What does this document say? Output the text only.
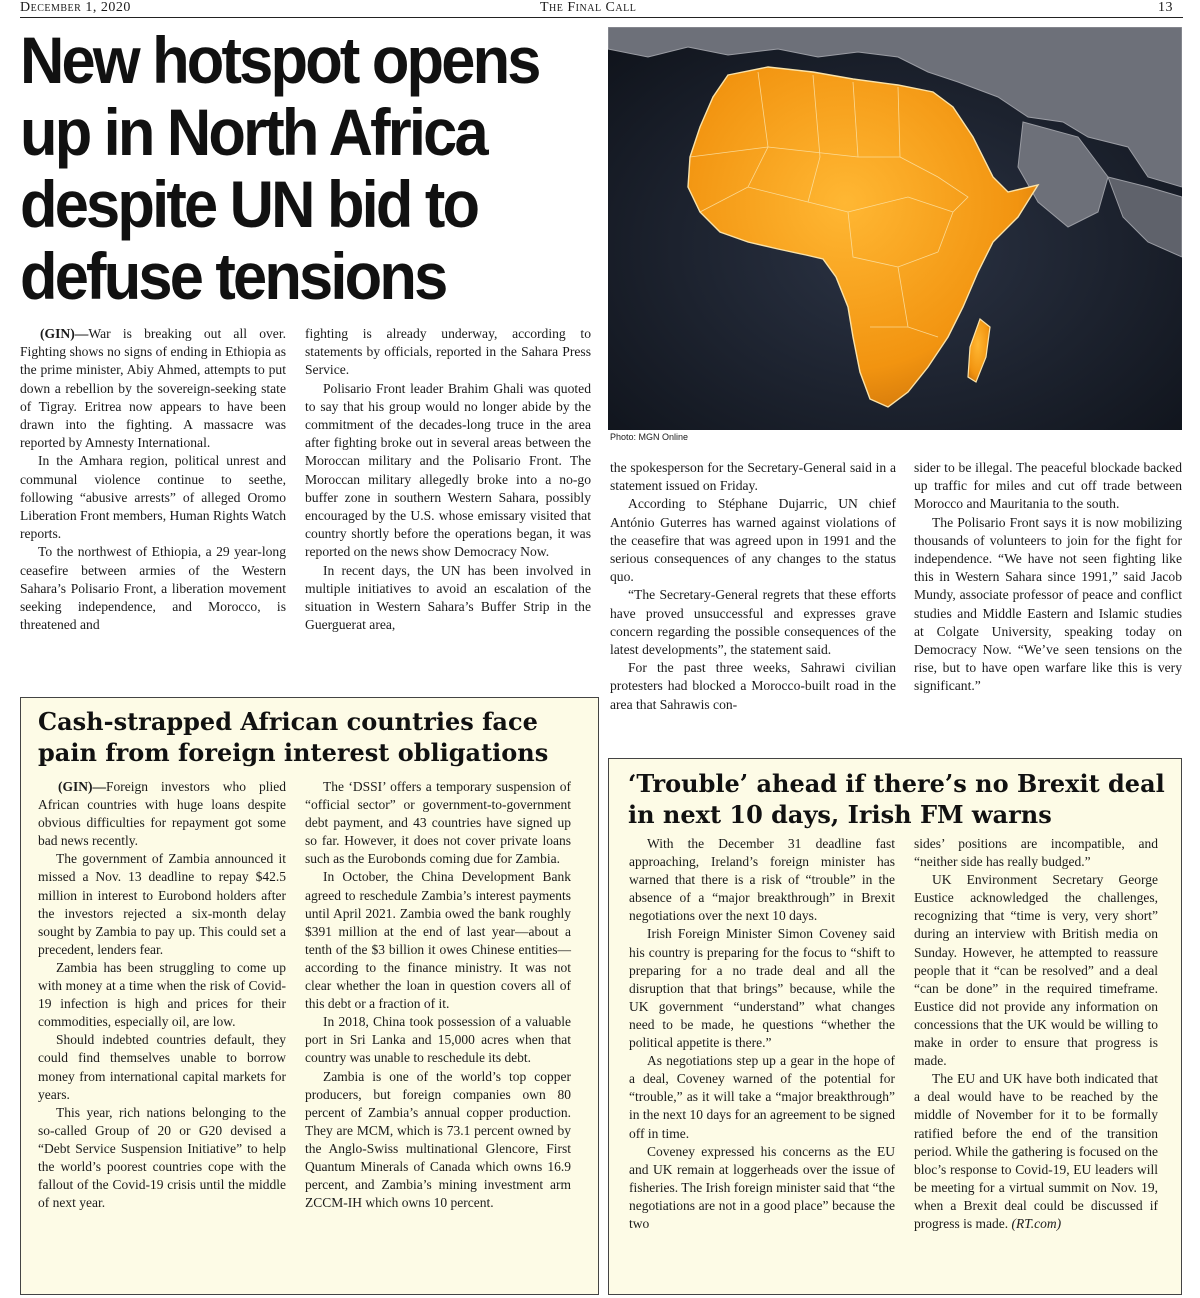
December 1, 2020	The Final Call	13
New hotspot opens up in North Africa despite UN bid to defuse tensions
Photo: MGN Online

(GIN)—War is breaking out all over. Fighting shows no signs of ending in Ethiopia as the prime minister, Abiy Ahmed, attempts to put down a rebellion by the sovereign-seeking state of Tigray. Eritrea now appears to have been drawn into the fighting. A massacre was reported by Amnesty International.

In the Amhara region, political unrest and communal violence continue to seethe, following “abusive arrests” of alleged Oromo Liberation Front members, Human Rights Watch reports.

To the northwest of Ethiopia, a 29 year-long ceasefire between armies of the Western Sahara’s Polisario Front, a liberation movement seeking independence, and Morocco, is threatened and

fighting is already underway, according to statements by officials, reported in the Sahara Press Service.

Polisario Front leader Brahim Ghali was quoted to say that his group would no longer abide by the commitment of the decades-long truce in the area after fighting broke out in several areas between the Moroccan military and the Polisario Front. The Moroccan military allegedly broke into a no-go buffer zone in southern Western Sahara, possibly encouraged by the U.S. whose emissary visited that country shortly before the operations began, it was reported on the news show Democracy Now.

In recent days, the UN has been involved in multiple initiatives to avoid an escalation of the situation in Western Sahara’s Buffer Strip in the Guerguerat area,

the spokesperson for the Secretary-General said in a statement issued on Friday.

According to Stéphane Dujarric, UN chief António Guterres has warned against violations of the ceasefire that was agreed upon in 1991 and the serious consequences of any changes to the status quo.

“The Secretary-General regrets that these efforts have proved unsuccessful and expresses grave concern regarding the possible consequences of the latest developments”, the statement said.

For the past three weeks, Sahrawi civilian protesters had blocked a Morocco-built road in the area that Sahrawis con-

sider to be illegal. The peaceful blockade backed up traffic for miles and cut off trade between Morocco and Mauritania to the south.

The Polisario Front says it is now mobilizing thousands of volunteers to join for the fight for independence. “We have not seen fighting like this in Western Sahara since 1991,” said Jacob Mundy, associate professor of peace and conflict studies and Middle Eastern and Islamic studies at Colgate University, speaking today on Democracy Now. “We’ve seen tensions on the rise, but to have open warfare like this is very significant.”

Cash-strapped African countries face pain from foreign interest obligations

(GIN)—Foreign investors who plied African countries with huge loans despite obvious difficulties for repayment got some bad news recently.

The government of Zambia announced it missed a Nov. 13 deadline to repay $42.5 million in interest to Eurobond holders after the investors rejected a six-month delay sought by Zambia to pay up. This could set a precedent, lenders fear.

Zambia has been struggling to come up with money at a time when the risk of Covid-19 infection is high and prices for their commodities, especially oil, are low.

Should indebted countries default, they could find themselves unable to borrow money from international capital markets for years.

This year, rich nations belonging to the so-called Group of 20 or G20 devised a “Debt Service Suspension Initiative” to help the world’s poorest countries cope with the fallout of the Covid-19 crisis until the middle of next year.

The ‘DSSI’ offers a temporary suspension of “official sector” or government-to-government debt payment, and 43 countries have signed up so far. However, it does not cover private loans such as the Eurobonds coming due for Zambia.

In October, the China Development Bank agreed to reschedule Zambia’s interest payments until April 2021. Zambia owed the bank roughly $391 million at the end of last year—about a tenth of the $3 billion it owes Chinese entities—according to the finance ministry. It was not clear whether the loan in question covers all of this debt or a fraction of it.

In 2018, China took possession of a valuable port in Sri Lanka and 15,000 acres when that country was unable to reschedule its debt.

Zambia is one of the world’s top copper producers, but foreign companies own 80 percent of Zambia’s annual copper production. They are MCM, which is 73.1 percent owned by the Anglo-Swiss multinational Glencore, First Quantum Minerals of Canada which owns 16.9 percent, and Zambia’s mining investment arm ZCCM-IH which owns 10 percent.

‘Trouble’ ahead if there’s no Brexit deal in next 10 days, Irish FM warns

With the December 31 deadline fast approaching, Ireland’s foreign minister has warned that there is a risk of “trouble” in the absence of a “major breakthrough” in Brexit negotiations over the next 10 days.

Irish Foreign Minister Simon Coveney said his country is preparing for the focus to “shift to preparing for a no trade deal and all the disruption that that brings” because, while the UK government “understand” what changes need to be made, he questions “whether the political appetite is there.”

As negotiations step up a gear in the hope of a deal, Coveney warned of the potential for “trouble,” as it will take a “major breakthrough” in the next 10 days for an agreement to be signed off in time.

Coveney expressed his concerns as the EU and UK remain at loggerheads over the issue of fisheries. The Irish foreign minister said that “the negotiations are not in a good place” because the two

sides’ positions are incompatible, and “neither side has really budged.”

UK Environment Secretary George Eustice acknowledged the challenges, recognizing that “time is very, very short” during an interview with British media on Sunday. However, he attempted to reassure people that it “can be resolved” and a deal “can be done” in the required timeframe. Eustice did not provide any information on concessions that the UK would be willing to make in order to ensure that progress is made.

The EU and UK have both indicated that a deal would have to be reached by the middle of November for it to be formally ratified before the end of the transition period. While the gathering is focused on the bloc’s response to Covid-19, EU leaders will be meeting for a virtual summit on Nov. 19, when a Brexit deal could be discussed if progress is made. (RT.com)
